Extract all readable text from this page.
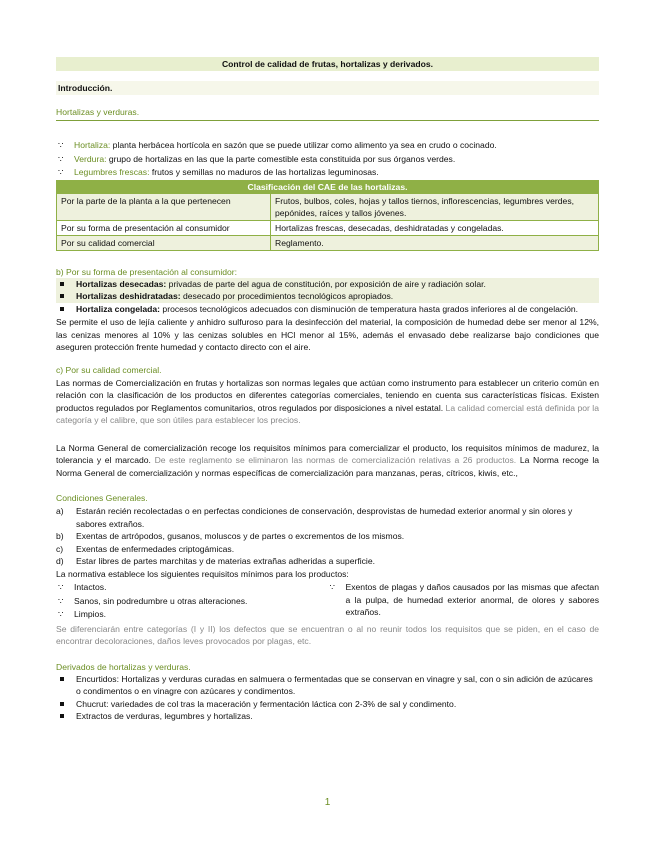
Control de calidad de frutas, hortalizas y derivados.
Introducción.
Hortalizas y verduras.
∵ Hortaliza: planta herbácea hortícola en sazón que se puede utilizar como alimento ya sea en crudo o cocinado.
∵ Verdura: grupo de hortalizas en las que la parte comestible esta constituida por sus órganos verdes.
∵ Legumbres frescas: frutos y semillas no maduros de las hortalizas leguminosas.
Clasificación del CAE de las hortalizas.	
Por la parte de la planta a la que pertenecen	Frutos, bulbos, coles, hojas y tallos tiernos, inflorescencias, legumbres verdes, pepónides, raíces y tallos jóvenes.
Por su forma de presentación al consumidor	Hortalizas frescas, desecadas, deshidratadas y congeladas.
Por su calidad comercial	Reglamento.
b) Por su forma de presentación al consumidor:
Hortalizas desecadas: privadas de parte del agua de constitución, por exposición de aire y radiación solar.
Hortalizas deshidratadas: desecado por procedimientos tecnológicos apropiados.
Hortaliza congelada: procesos tecnológicos adecuados con disminución de temperatura hasta grados inferiores al de congelación.
Se permite el uso de lejía caliente y anhidro sulfuroso para la desinfección del material, la composición de humedad debe ser menor al 12%, las cenizas menores al 10% y las cenizas solubles en HCl menor al 15%, además el envasado debe realizarse bajo condiciones que aseguren protección frente humedad y contacto directo con el aire.
c) Por su calidad comercial.
Las normas de Comercialización en frutas y hortalizas son normas legales que actúan como instrumento para establecer un criterio común en relación con la clasificación de los productos en diferentes categorías comerciales, teniendo en cuenta sus características físicas. Existen productos regulados por Reglamentos comunitarios, otros regulados por disposiciones a nivel estatal. La calidad comercial está definida por la categoría y el calibre, que son útiles para establecer los precios.
La Norma General de comercialización recoge los requisitos mínimos para comercializar el producto, los requisitos mínimos de madurez, la tolerancia y el marcado. De este reglamento se eliminaron las normas de comercialización relativas a 26 productos. La Norma recoge la Norma General de comercialización y normas específicas de comercialización para manzanas, peras, cítricos, kiwis, etc.,
Condiciones Generales.
a) Estarán recién recolectadas o en perfectas condiciones de conservación, desprovistas de humedad exterior anormal y sin olores y sabores extraños.
b) Exentas de artrópodos, gusanos, moluscos y de partes o excrementos de los mismos.
c) Exentas de enfermedades criptogámicas.
d) Estar libres de partes marchitas y de materias extrañas adheridas a superficie.
La normativa establece los siguientes requisitos mínimos para los productos:
∵ Intactos.
∵ Sanos, sin podredumbre u otras alteraciones.
∵ Limpios.
∵ Exentos de plagas y daños causados por las mismas que afectan a la pulpa, de humedad exterior anormal, de olores y sabores extraños.
Se diferenciarán entre categorías (I y II) los defectos que se encuentran o al no reunir todos los requisitos que se piden, en el caso de encontrar decoloraciones, daños leves provocados por plagas, etc.
Derivados de hortalizas y verduras.
Encurtidos: Hortalizas y verduras curadas en salmuera o fermentadas que se conservan en vinagre y sal, con o sin adición de azúcares o condimentos o en vinagre con azúcares y condimentos.
Chucrut: variedades de col tras la maceración y fermentación láctica con 2-3% de sal y condimento.
Extractos de verduras, legumbres y hortalizas.
1
